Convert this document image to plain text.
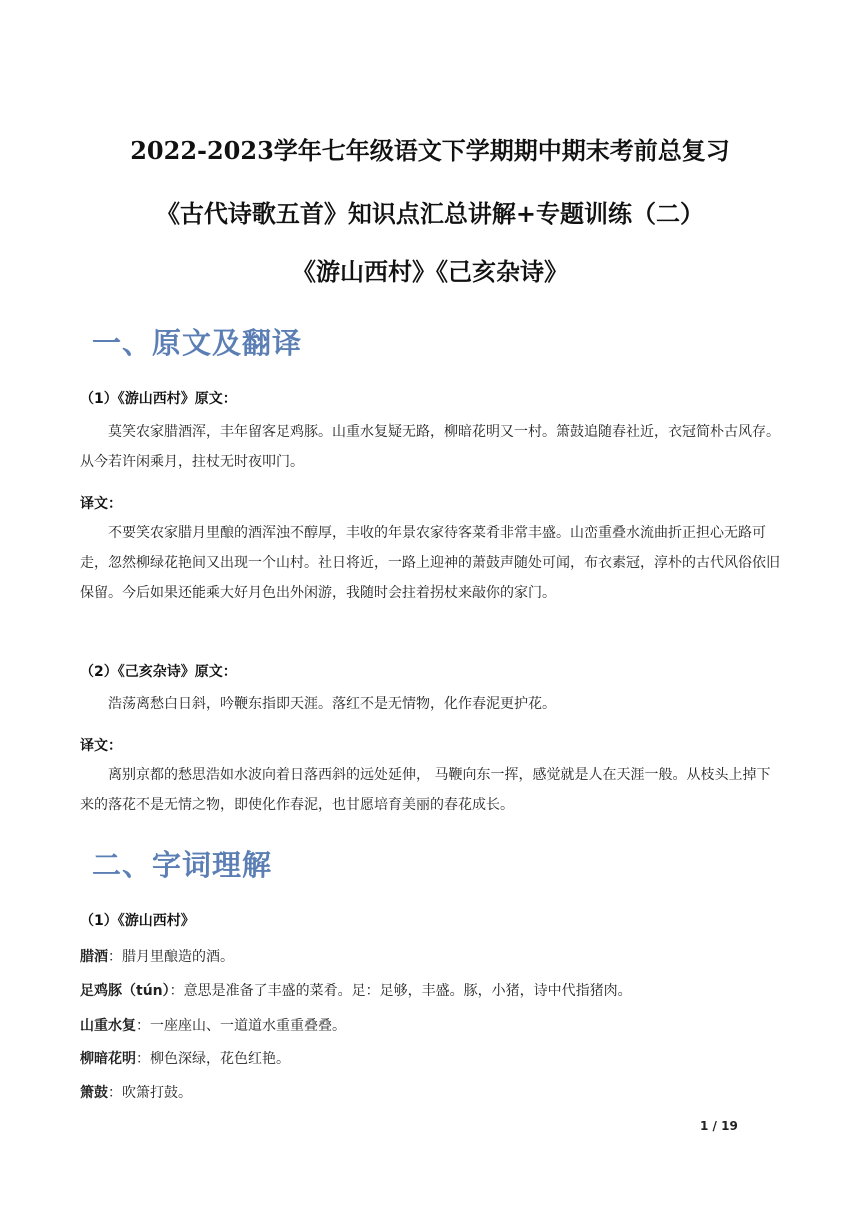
2022-2023学年七年级语文下学期期中期末考前总复习
《古代诗歌五首》知识点汇总讲解+专题训练（二）
《游山西村》《己亥杂诗》
一、原文及翻译
（1）《游山西村》原文：

莫笑农家腊酒浑，丰年留客足鸡豚。山重水复疑无路，柳暗花明又一村。箫鼓追随春社近，衣冠简朴古风存。从今若许闲乘月，拄杖无时夜叩门。

译文：

不要笑农家腊月里酿的酒浑浊不醇厚，丰收的年景农家待客菜肴非常丰盛。山峦重叠水流曲折正担心无路可走，忽然柳绿花艳间又出现一个山村。社日将近，一路上迎神的萧鼓声随处可闻，布衣素冠，淳朴的古代风俗依旧保留。今后如果还能乘大好月色出外闲游，我随时会拄着拐杖来敲你的家门。

（2）《己亥杂诗》原文：

浩荡离愁白日斜，吟鞭东指即天涯。落红不是无情物，化作春泥更护花。

译文：

离别京都的愁思浩如水波向着日落西斜的远处延伸， 马鞭向东一挥，感觉就是人在天涯一般。从枝头上掉下来的落花不是无情之物，即使化作春泥，也甘愿培育美丽的春花成长。

二、字词理解
（1）《游山西村》
腊酒：腊月里酿造的酒。
足鸡豚（tún）：意思是准备了丰盛的菜肴。足：足够，丰盛。豚，小猪，诗中代指猪肉。
山重水复：一座座山、一道道水重重叠叠。
柳暗花明：柳色深绿，花色红艳。
箫鼓：吹箫打鼓。
1 / 19
